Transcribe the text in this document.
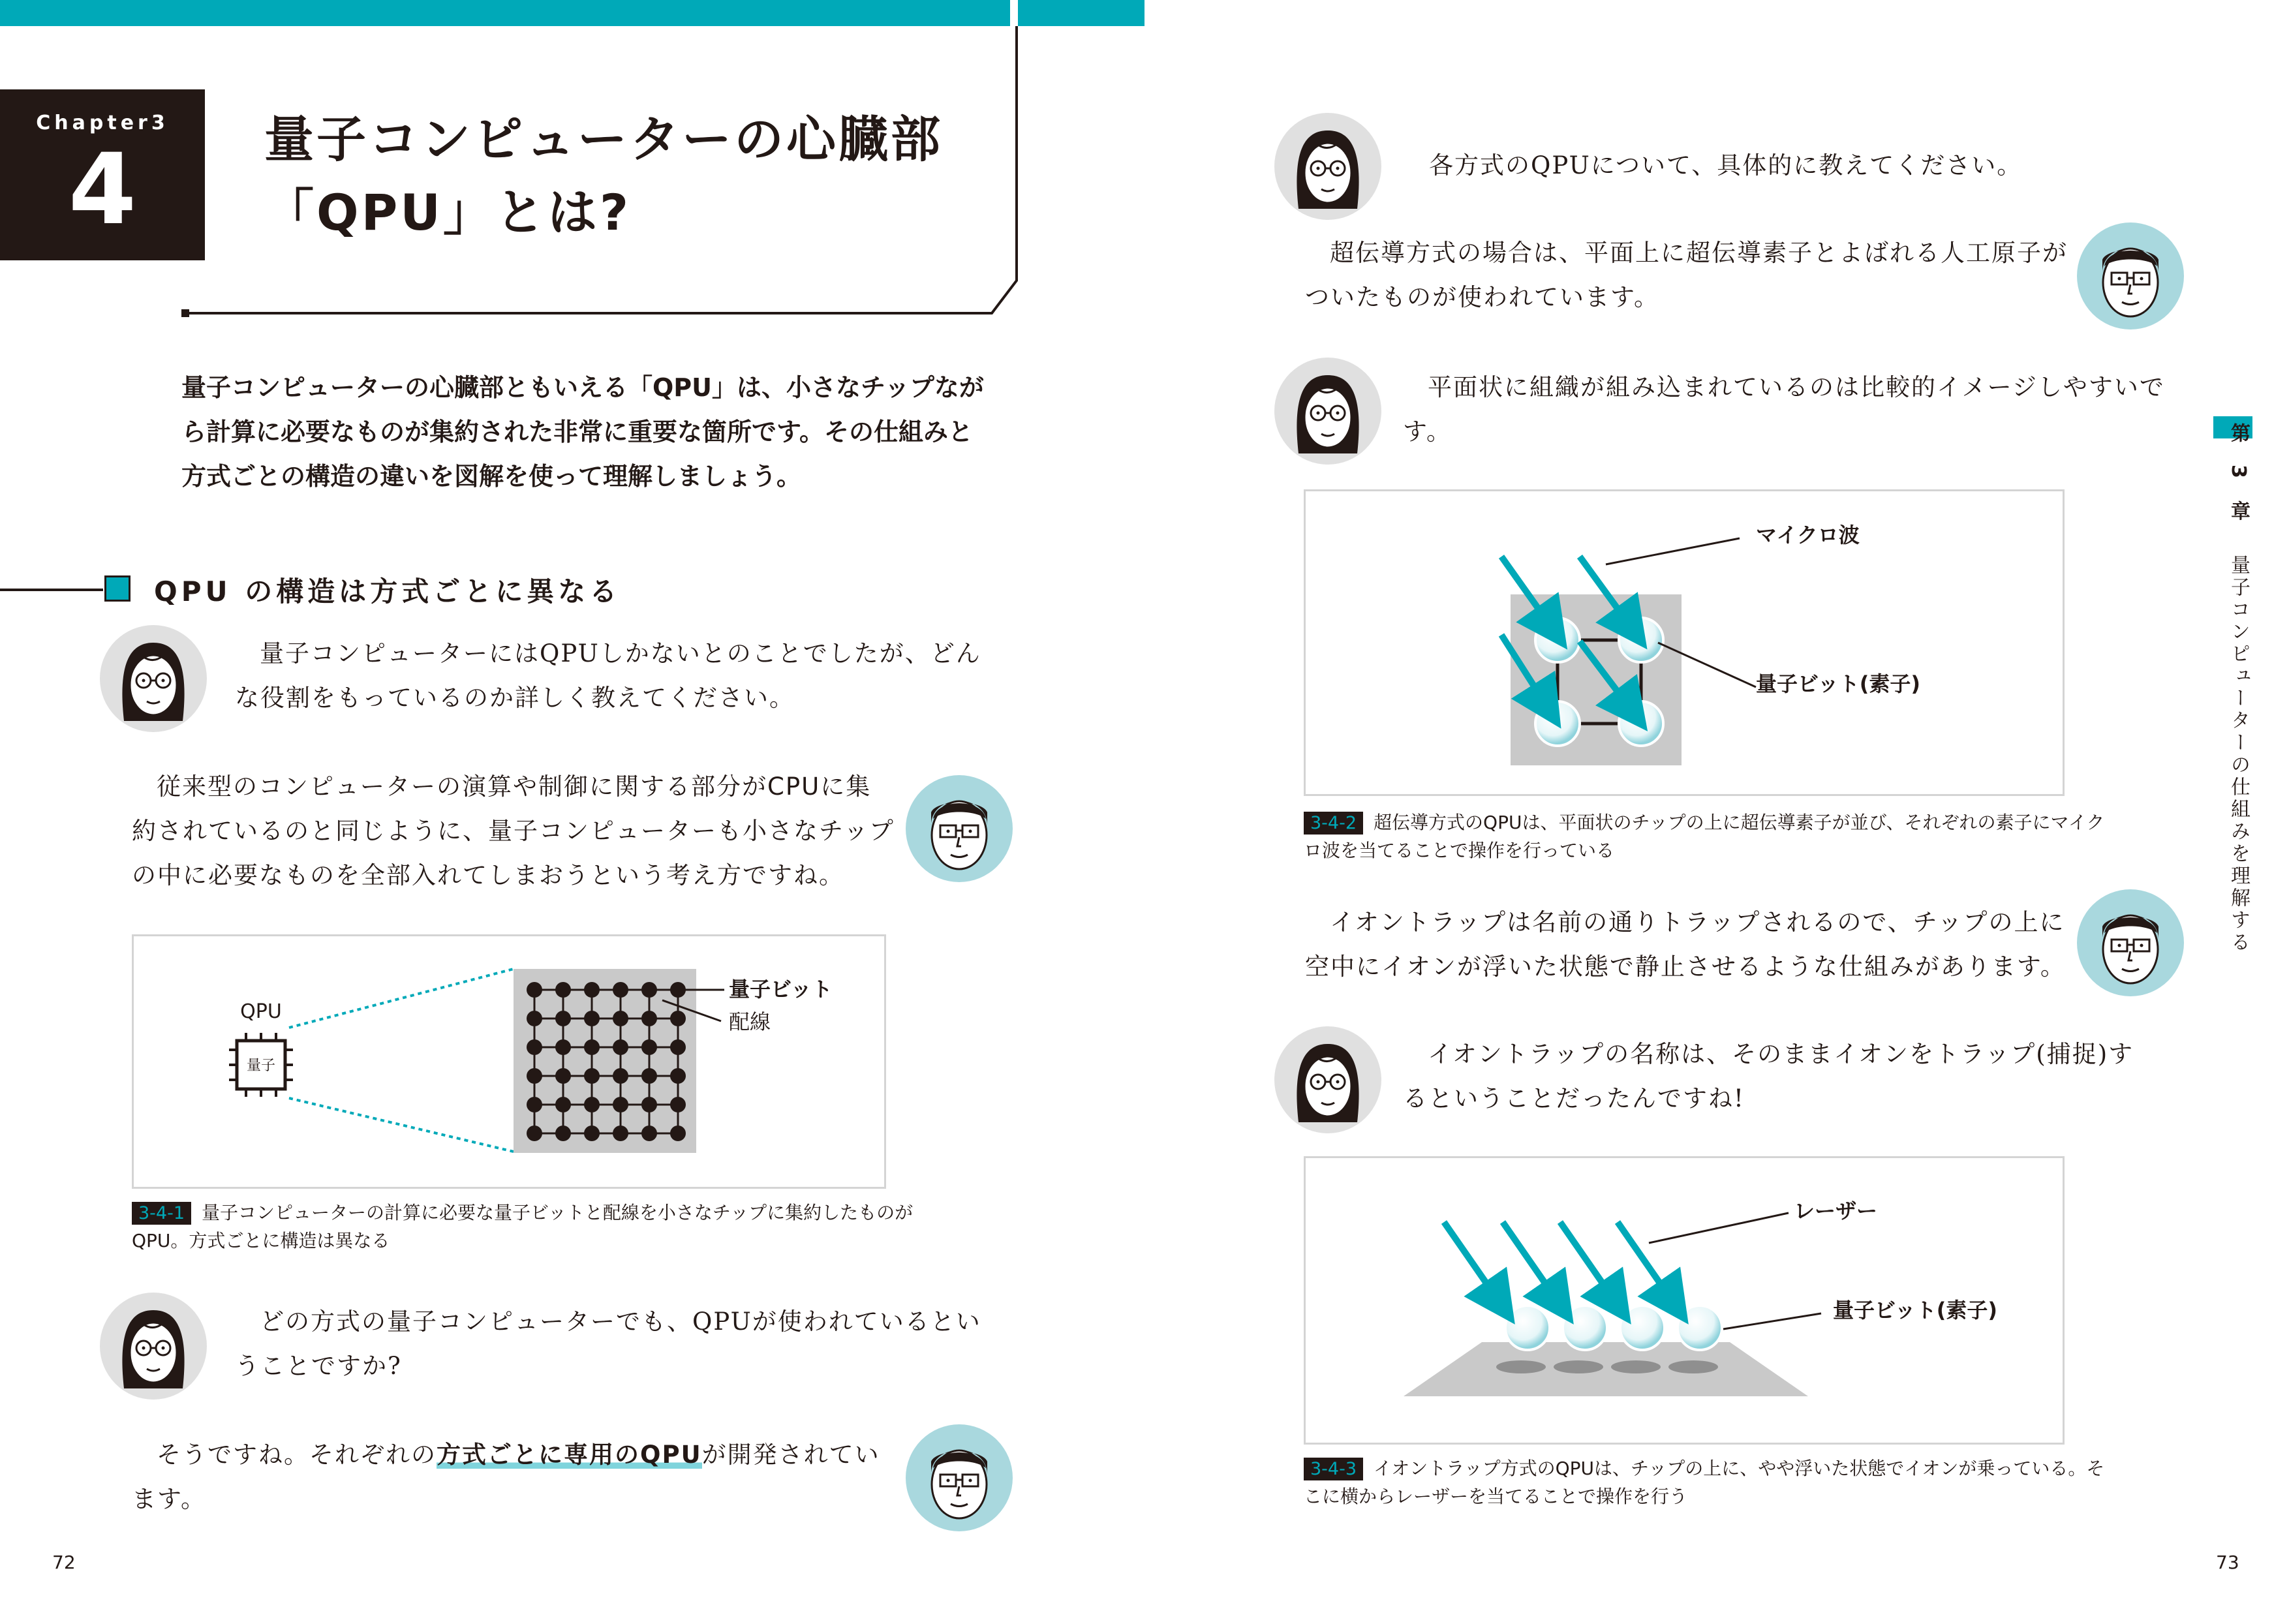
Chapter3
4	量子コンピューターの心臓部
「QPU」とは?
量子コンピューターの心臓部ともいえる「QPU」は、小さなチップなが
ら計算に必要なものが集約された非常に重要な箇所です。その仕組みと
方式ごとの構造の違いを図解を使って理解しましょう。
QPU の構造は方式ごとに異なる
量子コンピューターにはQPUしかないとのことでしたが、どん
な役割をもっているのか詳しく教えてください。
従来型のコンピューターの演算や制御に関する部分がCPUに集
約されているのと同じように、量子コンピューターも小さなチップ
の中に必要なものを全部入れてしまおうという考え方ですね。
量子
QPU
量子ビット
配線
3-4-1 量子コンピューターの計算に必要な量子ビットと配線を小さなチップに集約したものが
QPU。方式ごとに構造は異なる
どの方式の量子コンピューターでも、QPUが使われているとい
うことですか?
そうですね。それぞれの方式ごとに専用のQPUが開発されてい
ます。
72
各方式のQPUについて、具体的に教えてください。
超伝導方式の場合は、平面上に超伝導素子とよばれる人工原子が
ついたものが使われています。
平面状に組織が組み込まれているのは比較的イメージしやすいで
す。
マイクロ波
量子ビット(素子)
3-4-2 超伝導方式のQPUは、平面状のチップの上に超伝導素子が並び、それぞれの素子にマイク
ロ波を当てることで操作を行っている
イオントラップは名前の通りトラップされるので、チップの上に
空中にイオンが浮いた状態で静止させるような仕組みがあります。
イオントラップの名称は、そのままイオンをトラップ(捕捉)す
るということだったんですね!
レーザー
量子ビット(素子)
3-4-3 イオントラップ方式のQPUは、チップの上に、やや浮いた状態でイオンが乗っている。そ
こに横からレーザーを当てることで操作を行う
73
第 3 章
量子コンピューターの仕組みを理解する
